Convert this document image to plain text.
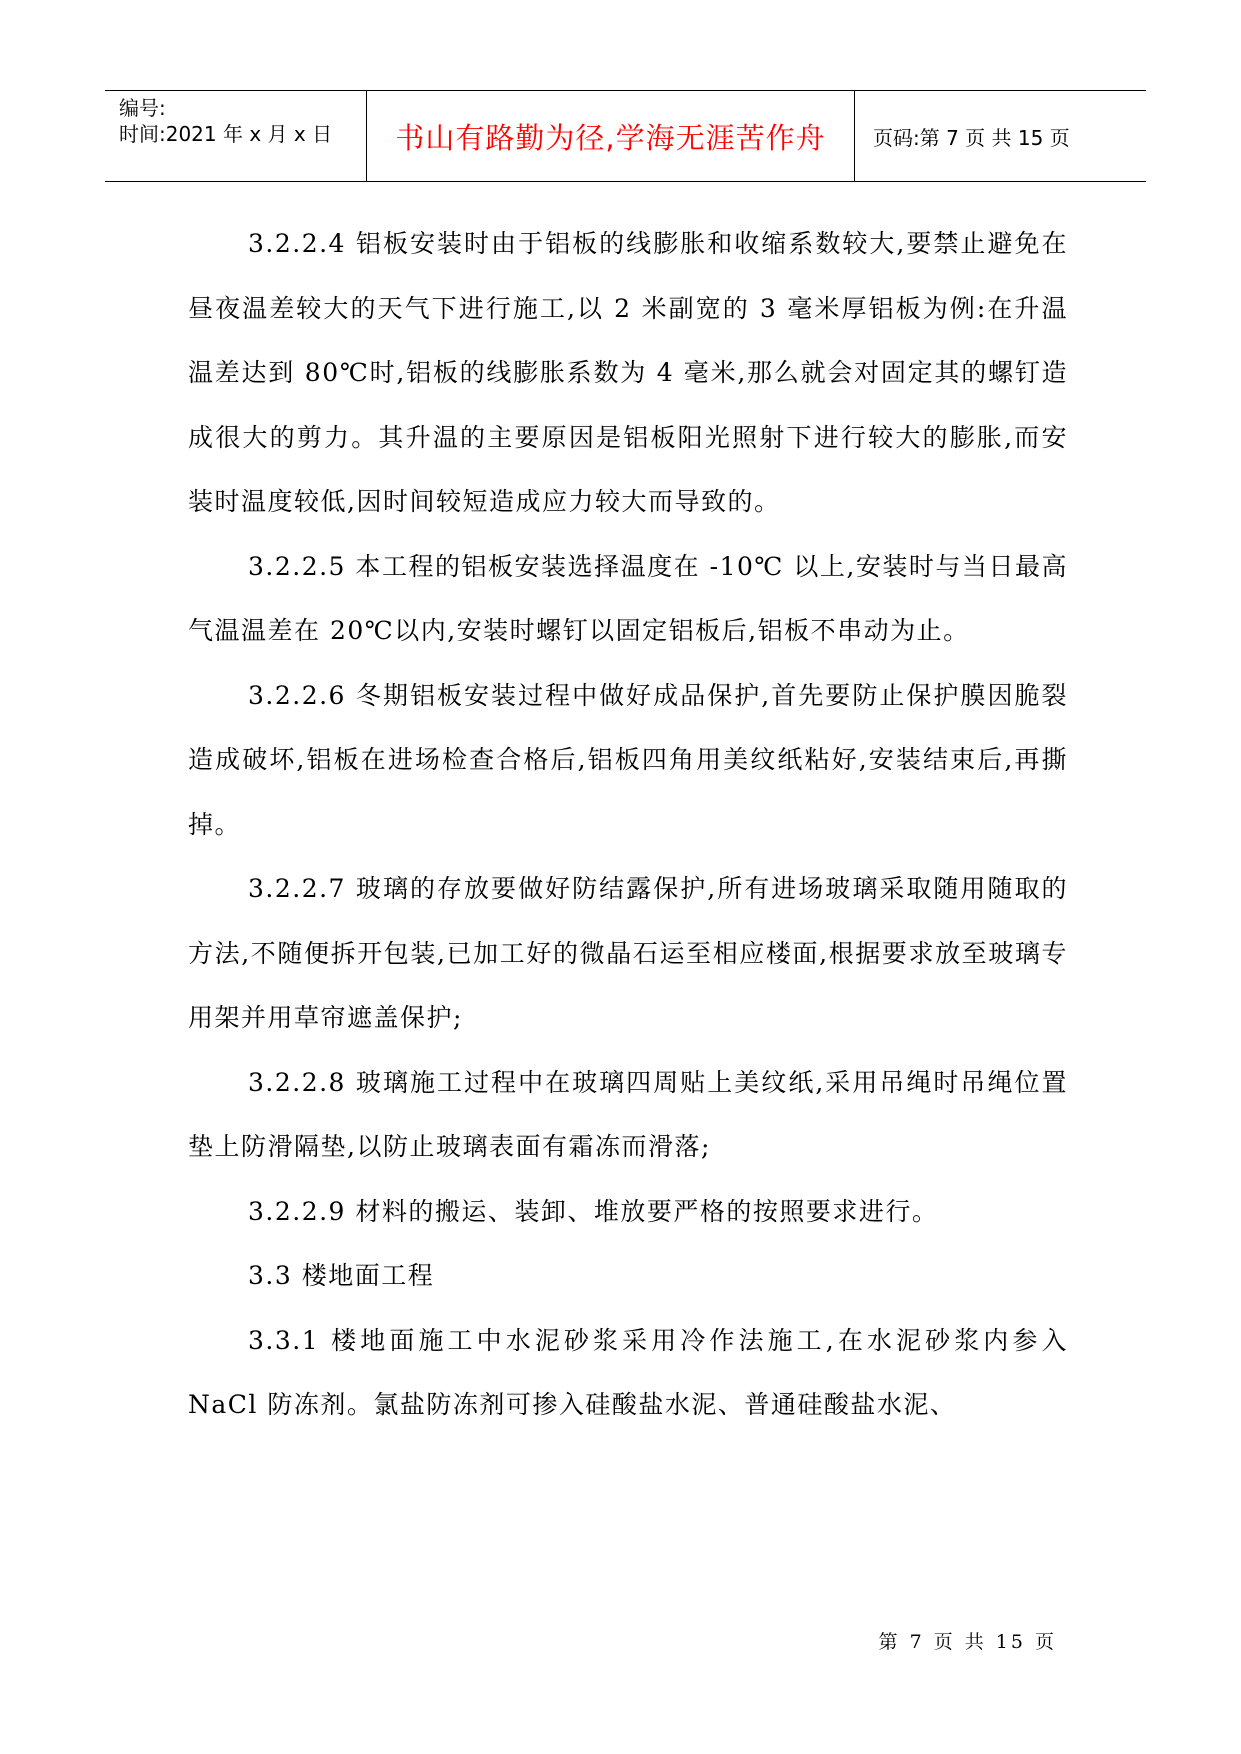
编号:
时间:2021 年 x 月 x 日	书山有路勤为径,学海无涯苦作舟	页码:第 7 页 共 15 页

3.2.2.4 铝板安装时由于铝板的线膨胀和收缩系数较大,要禁止避免在昼夜温差较大的天气下进行施工,以 2 米副宽的 3 毫米厚铝板为例:在升温温差达到 80℃时,铝板的线膨胀系数为 4 毫米,那么就会对固定其的螺钉造成很大的剪力。其升温的主要原因是铝板阳光照射下进行较大的膨胀,而安装时温度较低,因时间较短造成应力较大而导致的。

3.2.2.5 本工程的铝板安装选择温度在 -10℃ 以上,安装时与当日最高气温温差在 20℃以内,安装时螺钉以固定铝板后,铝板不串动为止。

3.2.2.6 冬期铝板安装过程中做好成品保护,首先要防止保护膜因脆裂造成破坏,铝板在进场检查合格后,铝板四角用美纹纸粘好,安装结束后,再撕掉。

3.2.2.7 玻璃的存放要做好防结露保护,所有进场玻璃采取随用随取的方法,不随便拆开包装,已加工好的微晶石运至相应楼面,根据要求放至玻璃专用架并用草帘遮盖保护;

3.2.2.8 玻璃施工过程中在玻璃四周贴上美纹纸,采用吊绳时吊绳位置垫上防滑隔垫,以防止玻璃表面有霜冻而滑落;

3.2.2.9 材料的搬运、装卸、堆放要严格的按照要求进行。

3.3 楼地面工程

3.3.1 楼地面施工中水泥砂浆采用冷作法施工,在水泥砂浆内参入 NaCl 防冻剂。氯盐防冻剂可掺入硅酸盐水泥、普通硅酸盐水泥、

第 7 页 共 15 页
